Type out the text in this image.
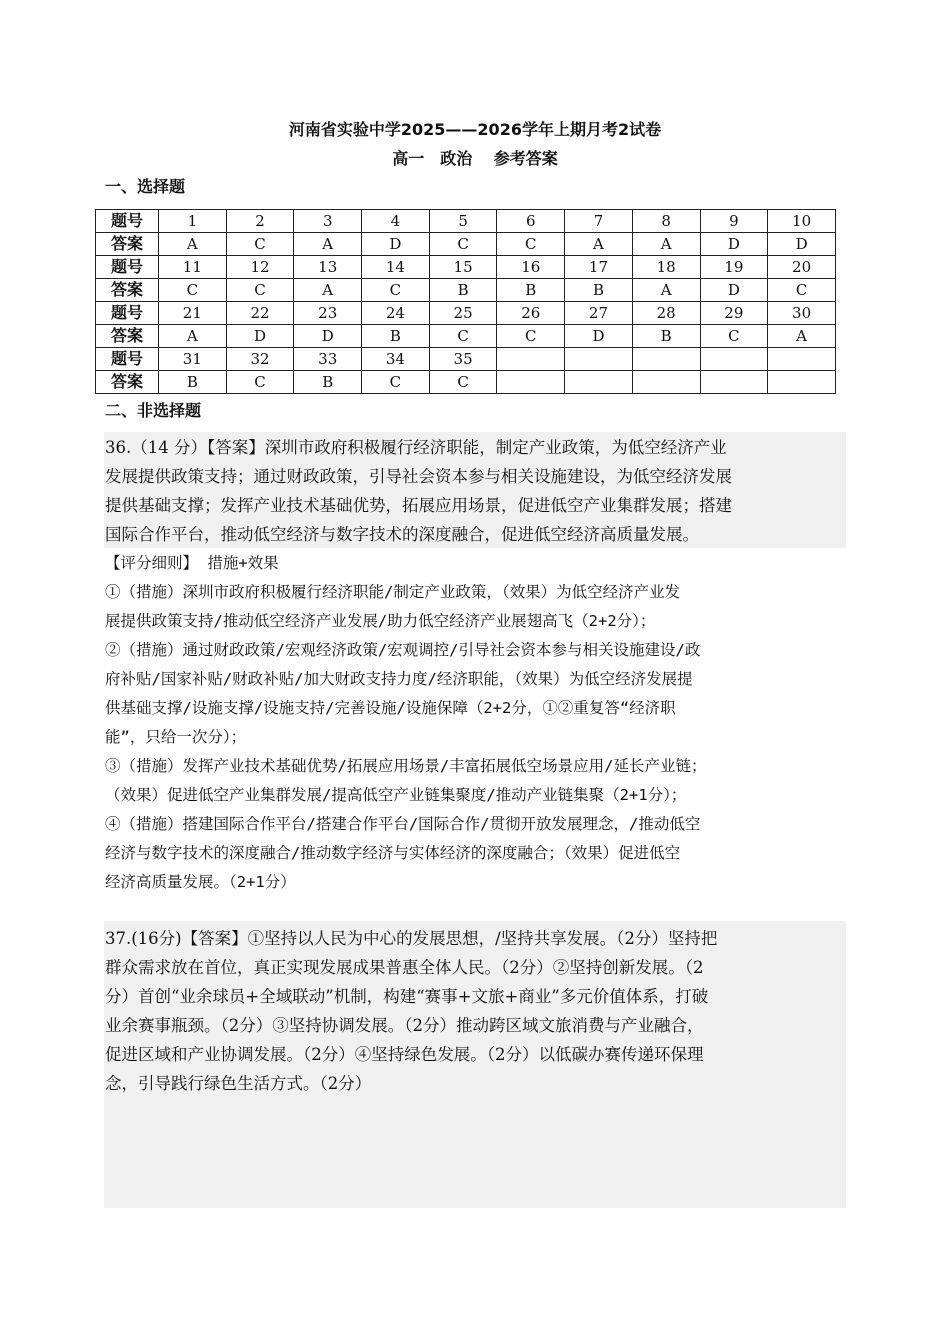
河南省实验中学2025——2026学年上期月考2试卷
高一　政治　 参考答案
一、选择题
题号	1	2	3	4	5	6	7	8	9	10
答案	A	C	A	D	C	C	A	A	D	D
题号	11	12	13	14	15	16	17	18	19	20
答案	C	C	A	C	B	B	B	A	D	C
题号	21	22	23	24	25	26	27	28	29	30
答案	A	D	D	B	C	C	D	B	C	A
题号	31	32	33	34	35					
答案	B	C	B	C	C					
二、非选择题

36.（14 分）【答案】深圳市政府积极履行经济职能，制定产业政策，为低空经济产业

发展提供政策支持；通过财政政策，引导社会资本参与相关设施建设，为低空经济发展

提供基础支撑；发挥产业技术基础优势，拓展应用场景，促进低空产业集群发展；搭建

国际合作平台，推动低空经济与数字技术的深度融合，促进低空经济高质量发展。

【评分细则】 措施+效果

①（措施）深圳市政府积极履行经济职能/制定产业政策，（效果）为低空经济产业发

展提供政策支持/推动低空经济产业发展/助力低空经济产业展翅高飞（2+2分）；

②（措施）通过财政政策/宏观经济政策/宏观调控/引导社会资本参与相关设施建设/政

府补贴/国家补贴/财政补贴/加大财政支持力度/经济职能，（效果）为低空经济发展提

供基础支撑/设施支撑/设施支持/完善设施/设施保障（2+2分，①②重复答“经济职

能”，只给一次分）；

③（措施）发挥产业技术基础优势/拓展应用场景/丰富拓展低空场景应用/延长产业链；

（效果）促进低空产业集群发展/提高低空产业链集聚度/推动产业链集聚（2+1分）；

④（措施）搭建国际合作平台/搭建合作平台/国际合作/贯彻开放发展理念，/推动低空

经济与数字技术的深度融合/推动数字经济与实体经济的深度融合；（效果）促进低空

经济高质量发展。（2+1分）

37.(16分)【答案】①坚持以人民为中心的发展思想，/坚持共享发展。（2分）坚持把

群众需求放在首位，真正实现发展成果普惠全体人民。（2分）②坚持创新发展。（2

分）首创“业余球员+全域联动”机制，构建“赛事+文旅+商业”多元价值体系，打破

业余赛事瓶颈。（2分）③坚持协调发展。（2分）推动跨区域文旅消费与产业融合，

促进区域和产业协调发展。（2分）④坚持绿色发展。（2分）以低碳办赛传递环保理

念，引导践行绿色生活方式。（2分）
